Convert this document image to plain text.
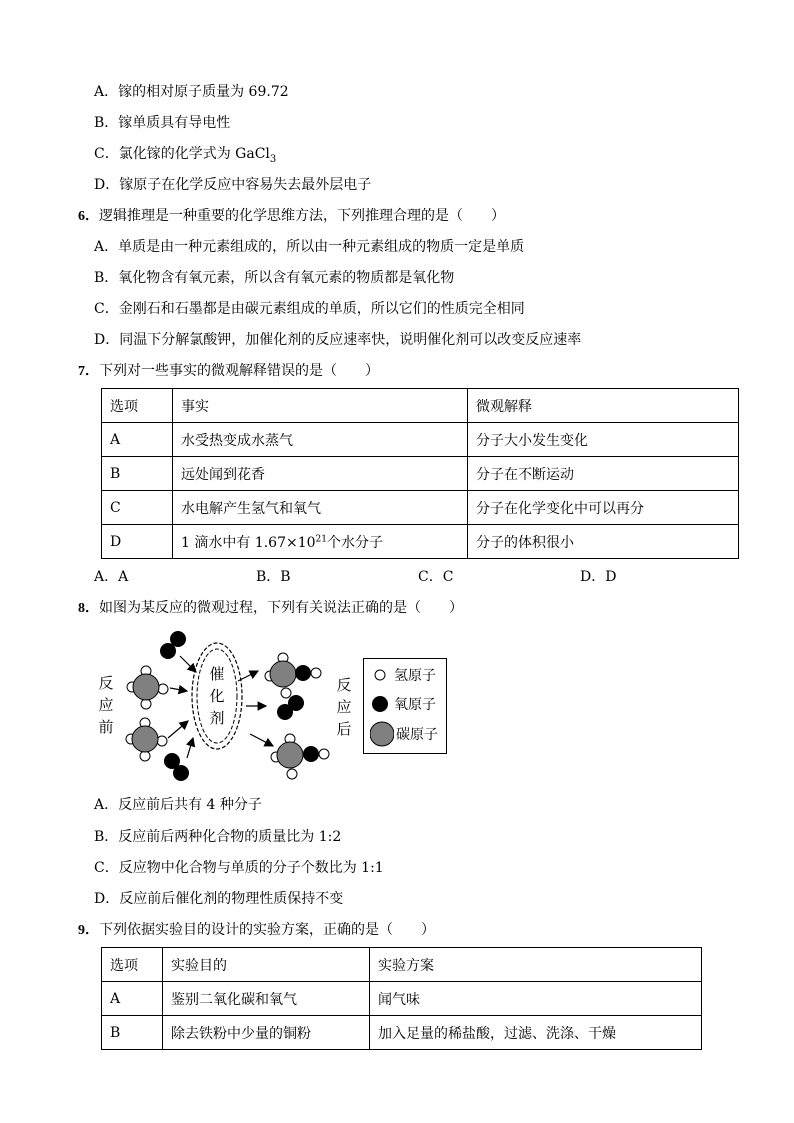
A．镓的相对原子质量为 69.72
B．镓单质具有导电性
C．氯化镓的化学式为 GaCl$_3$
D．镓原子在化学反应中容易失去最外层电子
6．逻辑推理是一种重要的化学思维方法，下列推理合理的是（　　）
A．单质是由一种元素组成的，所以由一种元素组成的物质一定是单质
B．氧化物含有氧元素，所以含有氧元素的物质都是氧化物
C．金刚石和石墨都是由碳元素组成的单质，所以它们的性质完全相同
D．同温下分解氯酸钾，加催化剂的反应速率快，说明催化剂可以改变反应速率
7．下列对一些事实的微观解释错误的是（　　）
选项	事实	微观解释
A	水受热变成水蒸气	分子大小发生变化
B	远处闻到花香	分子在不断运动
C	水电解产生氢气和氧气	分子在化学变化中可以再分
D	1 滴水中有 $1.67\times 10^{21}$个水分子	分子的体积很小
A．A	B．B	C．C	D．D
8．如图为某反应的微观过程，下列有关说法正确的是（　　）
反
应
前
催
化
剂
反
应
后
氢原子
氧原子
碳原子
A．反应前后共有 4 种分子
B．反应前后两种化合物的质量比为 1:2
C．反应物中化合物与单质的分子个数比为 1:1
D．反应前后催化剂的物理性质保持不变
9．下列依据实验目的设计的实验方案，正确的是（　　）
选项	实验目的	实验方案
A	鉴别二氧化碳和氧气	闻气味
B	除去铁粉中少量的铜粉	加入足量的稀盐酸，过滤、洗涤、干燥
